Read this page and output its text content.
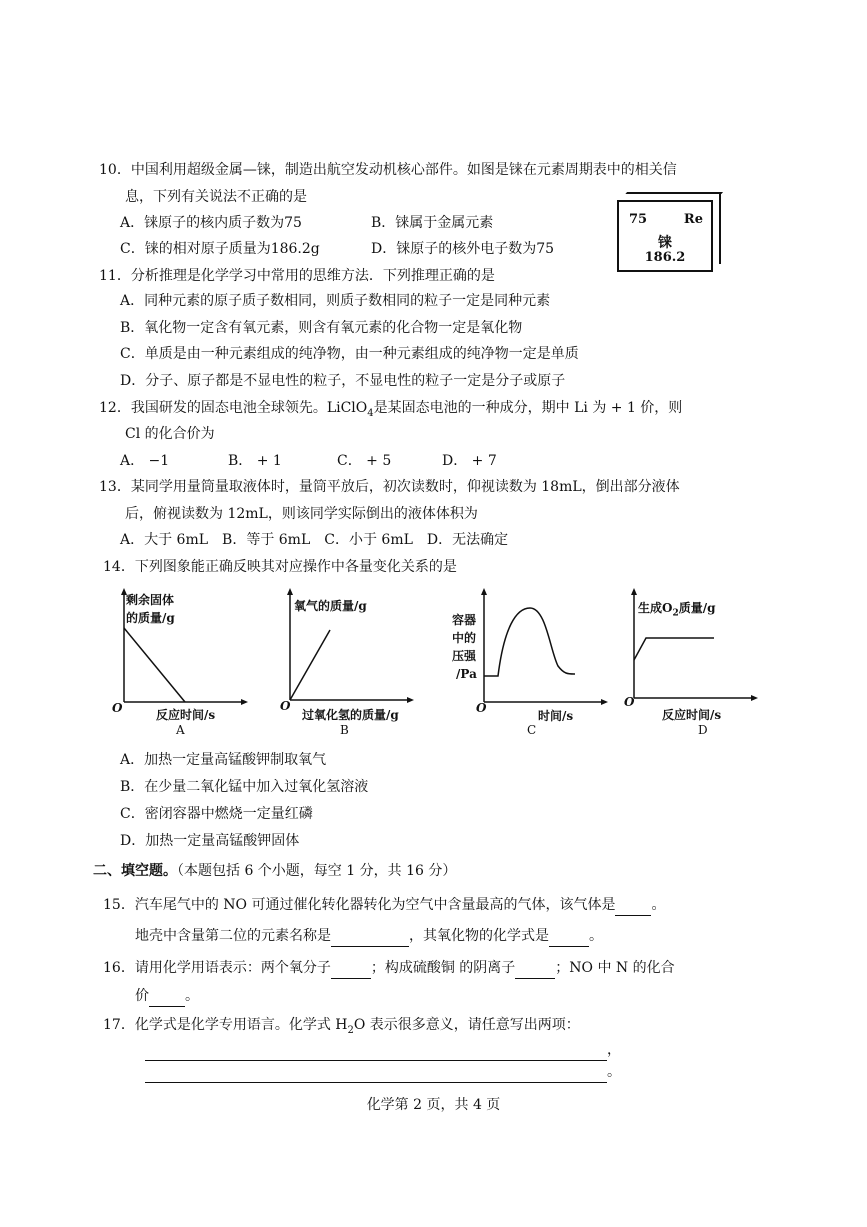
10．中国利用超级金属—铼，制造出航空发动机核心部件。如图是铼在元素周期表中的相关信
息，下列有关说法不正确的是
A．铼原子的核内质子数为75	B．铼属于金属元素
C．铼的相对原子质量为186.2g	D．铼原子的核外电子数为75
75	Re
铼
186.2
11．分析推理是化学学习中常用的思维方法．下列推理正确的是
A．同种元素的原子质子数相同，则质子数相同的粒子一定是同种元素
B．氧化物一定含有氧元素，则含有氧元素的化合物一定是氧化物
C．单质是由一种元素组成的纯净物，由一种元素组成的纯净物一定是单质
D．分子、原子都是不显电性的粒子，不显电性的粒子一定是分子或原子
12．我国研发的固态电池全球领先。LiClO$_4$是某固态电池的一种成分，期中 Li 为 + 1 价，则
Cl 的化合价为
A． −1	B． + 1	C． + 5	D． + 7
13．某同学用量筒量取液体时，量筒平放后，初次读数时，仰视读数为 18mL，倒出部分液体
后，俯视读数为 12mL，则该同学实际倒出的液体体积为
A．大于 6mL　B．等于 6mL　C．小于 6mL　D．无法确定
14．下列图象能正确反映其对应操作中各量变化关系的是
剩余固体
的质量/g
O	反应时间/s
A
氧气的质量/g
O
过氧化氢的质量/g
B
容器
中的
压强
/Pa
O
时间/s
C
生成$O_2$质量/g
O
反应时间/s
D
A．加热一定量高锰酸钾制取氧气
B．在少量二氧化锰中加入过氧化氢溶液
C．密闭容器中燃烧一定量红磷
D．加热一定量高锰酸钾固体
二、填空题。（本题包括 6 个小题，每空 1 分，共 16 分）
15．汽车尾气中的 NO 可通过催化转化器转化为空气中含量最高的气体，该气体是	。
地壳中含量第二位的元素名称是	，其氧化物的化学式是	。
16．请用化学用语表示：两个氧分子	；构成硫酸铜 的阴离子	；NO 中 N 的化合
价	。
17．化学式是化学专用语言。化学式 $H_2O$ 表示很多意义，请任意写出两项：
，
。
化学第 2 页，共 4 页
